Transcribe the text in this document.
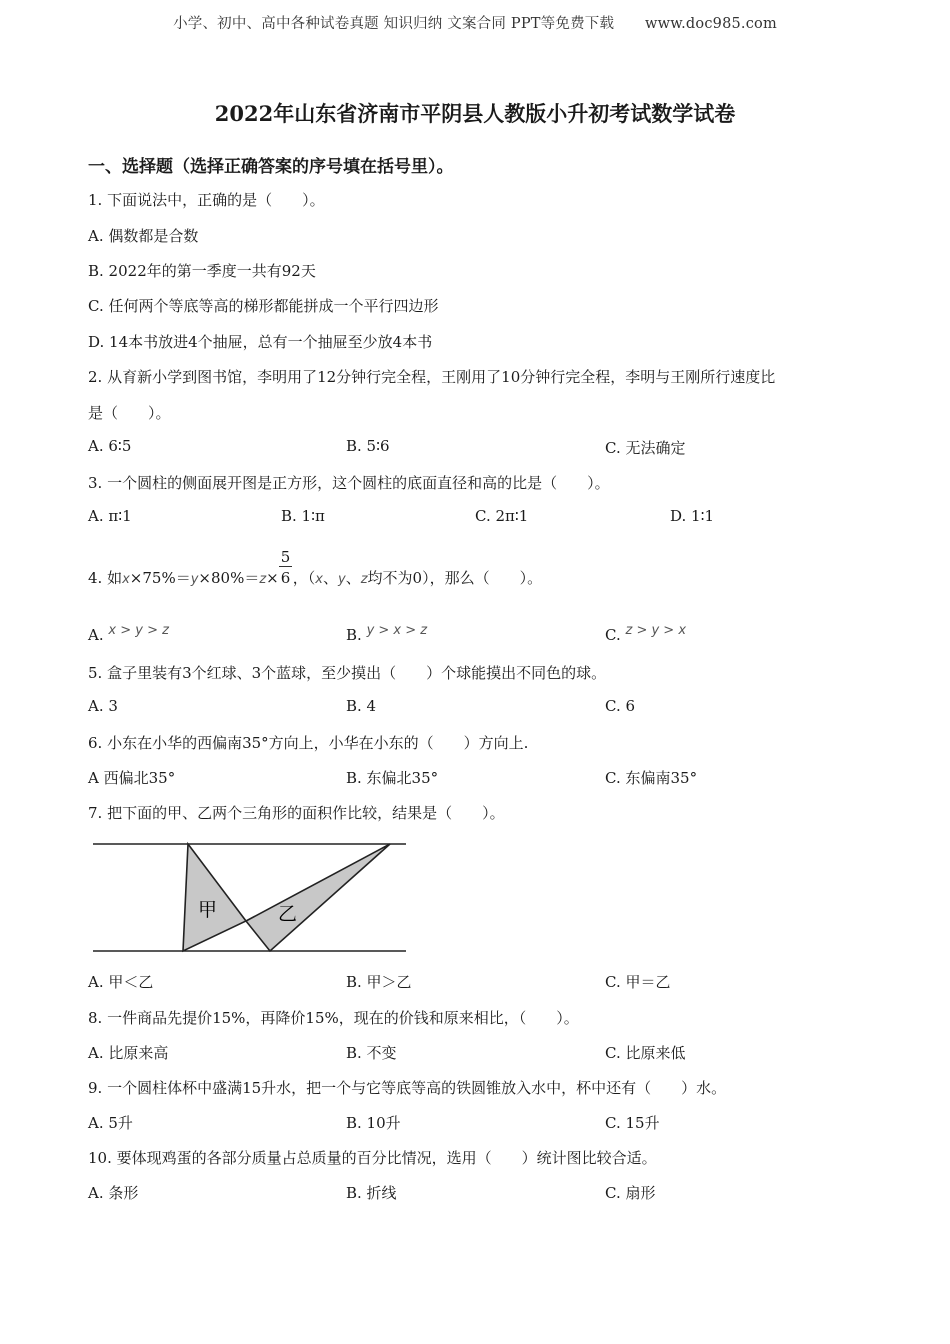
小学、初中、高中各种试卷真题 知识归纳 文案合同 PPT等免费下载 www.doc985.com
2022年山东省济南市平阴县人教版小升初考试数学试卷
一、选择题（选择正确答案的序号填在括号里）。
1. 下面说法中，正确的是（　　）。
A. 偶数都是合数
B. 2022年的第一季度一共有92天
C. 任何两个等底等高的梯形都能拼成一个平行四边形
D. 14本书放进4个抽屉，总有一个抽屉至少放4本书
2. 从育新小学到图书馆，李明用了12分钟行完全程，王刚用了10分钟行完全程，李明与王刚所行速度比
是（　　）。
A. 6∶5	B. 5∶6	C. 无法确定
3. 一个圆柱的侧面展开图是正方形，这个圆柱的底面直径和高的比是（　　）。
A. π∶1	B. 1∶π	C. 2π∶1	D. 1∶1
4. 如$x\times 75\%=y\times 80\%=z\times \frac{5}{6}$ ，（x、y、z均不为0），那么（　　）。
A. x > y > z	B. y > x > z	C. z > y > x
5. 盒子里装有3个红球、3个蓝球，至少摸出（　　）个球能摸出不同色的球。
A. 3	B. 4	C. 6
6. 小东在小华的西偏南35°方向上，小华在小东的（　　）方向上.
A 西偏北35°	B. 东偏北35°	C. 东偏南35°
7. 把下面的甲、乙两个三角形的面积作比较，结果是（　　）。
甲	乙
A. 甲＜乙	B. 甲＞乙	C. 甲＝乙
8. 一件商品先提价15%，再降价15%，现在的价钱和原来相比，（　　）。
A. 比原来高	B. 不变	C. 比原来低
9. 一个圆柱体杯中盛满15升水，把一个与它等底等高的铁圆锥放入水中，杯中还有（　　）水。
A. 5升	B. 10升	C. 15升
10. 要体现鸡蛋的各部分质量占总质量的百分比情况，选用（　　）统计图比较合适。
A. 条形	B. 折线	C. 扇形
